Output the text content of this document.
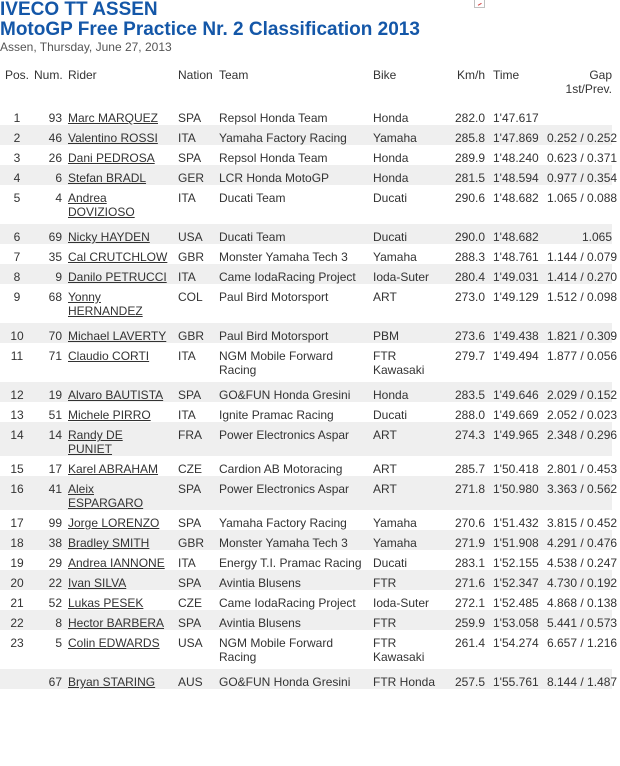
IVECO TT ASSEN
MotoGP Free Practice Nr. 2 Classification 2013
Assen, Thursday, June 27, 2013
Pos.	Num.	Rider	Nation	Team	Bike	Km/h	Time	Gap
1st/Prev.
1	93	Marc MARQUEZ	SPA	Repsol Honda Team	Honda	282.0	1'47.617	
2	46	Valentino ROSSI	ITA	Yamaha Factory Racing	Yamaha	285.8	1'47.869	0.252 / 0.252
3	26	Dani PEDROSA	SPA	Repsol Honda Team	Honda	289.9	1'48.240	0.623 / 0.371
4	6	Stefan BRADL	GER	LCR Honda MotoGP	Honda	281.5	1'48.594	0.977 / 0.354
5	4	Andrea DOVIZIOSO	ITA	Ducati Team	Ducati	290.6	1'48.682	1.065 / 0.088
6	69	Nicky HAYDEN	USA	Ducati Team	Ducati	290.0	1'48.682	1.065
7	35	Cal CRUTCHLOW	GBR	Monster Yamaha Tech 3	Yamaha	288.3	1'48.761	1.144 / 0.079
8	9	Danilo PETRUCCI	ITA	Came IodaRacing Project	Ioda-Suter	280.4	1'49.031	1.414 / 0.270
9	68	Yonny HERNANDEZ	COL	Paul Bird Motorsport	ART	273.0	1'49.129	1.512 / 0.098
10	70	Michael LAVERTY	GBR	Paul Bird Motorsport	PBM	273.6	1'49.438	1.821 / 0.309
11	71	Claudio CORTI	ITA	NGM Mobile Forward Racing	FTR Kawasaki	279.7	1'49.494	1.877 / 0.056
12	19	Alvaro BAUTISTA	SPA	GO&FUN Honda Gresini	Honda	283.5	1'49.646	2.029 / 0.152
13	51	Michele PIRRO	ITA	Ignite Pramac Racing	Ducati	288.0	1'49.669	2.052 / 0.023
14	14	Randy DE PUNIET	FRA	Power Electronics Aspar	ART	274.3	1'49.965	2.348 / 0.296
15	17	Karel ABRAHAM	CZE	Cardion AB Motoracing	ART	285.7	1'50.418	2.801 / 0.453
16	41	Aleix ESPARGARO	SPA	Power Electronics Aspar	ART	271.8	1'50.980	3.363 / 0.562
17	99	Jorge LORENZO	SPA	Yamaha Factory Racing	Yamaha	270.6	1'51.432	3.815 / 0.452
18	38	Bradley SMITH	GBR	Monster Yamaha Tech 3	Yamaha	271.9	1'51.908	4.291 / 0.476
19	29	Andrea IANNONE	ITA	Energy T.I. Pramac Racing	Ducati	283.1	1'52.155	4.538 / 0.247
20	22	Ivan SILVA	SPA	Avintia Blusens	FTR	271.6	1'52.347	4.730 / 0.192
21	52	Lukas PESEK	CZE	Came IodaRacing Project	Ioda-Suter	272.1	1'52.485	4.868 / 0.138
22	8	Hector BARBERA	SPA	Avintia Blusens	FTR	259.9	1'53.058	5.441 / 0.573
23	5	Colin EDWARDS	USA	NGM Mobile Forward Racing	FTR Kawasaki	261.4	1'54.274	6.657 / 1.216
	67	Bryan STARING	AUS	GO&FUN Honda Gresini	FTR Honda	257.5	1'55.761	8.144 / 1.487
